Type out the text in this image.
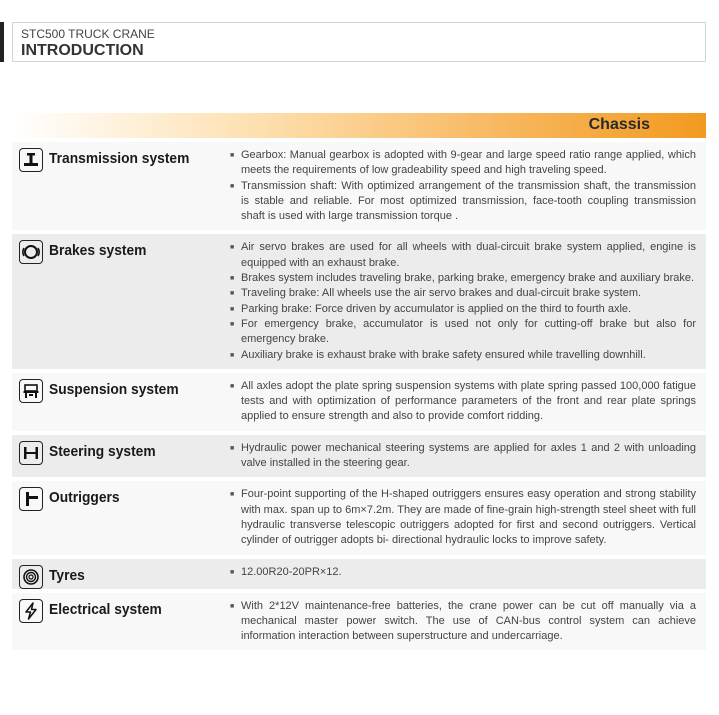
STC500 TRUCK CRANE
INTRODUCTION
Chassis
Transmission system	■ Gearbox: Manual gearbox is adopted with 9-gear and large speed ratio range applied, which meets the requirements of low gradeability speed and high traveling speed.
■ Transmission shaft: With optimized arrangement of the transmission shaft, the transmission is stable and reliable. For most optimized transmission, face-tooth coupling transmission shaft is used with large transmission torque .
Brakes system	■ Air servo brakes are used for all wheels with dual-circuit brake system applied, engine is equipped with an exhaust brake.
■ Brakes system includes traveling brake, parking brake, emergency brake and auxiliary brake.
■ Traveling brake: All wheels use the air servo brakes and dual-circuit brake system.
■ Parking brake: Force driven by accumulator is applied on the third to fourth axle.
■ For emergency brake, accumulator is used not only for cutting-off brake but also for emergency brake.
■ Auxiliary brake is exhaust brake with brake safety ensured while travelling downhill.
Suspension system	■ All axles adopt the plate spring suspension systems with plate spring passed 100,000 fatigue tests and with optimization of performance parameters of the front and rear plate springs applied to ensure strength and also to provide comfort ridding.
Steering system	■ Hydraulic power mechanical steering systems are applied for axles 1 and 2 with unloading valve installed in the steering gear.
Outriggers	■ Four-point supporting of the H-shaped outriggers ensures easy operation and strong stability with max. span up to 6m×7.2m. They are made of fine-grain high-strength steel sheet with full hydraulic transverse telescopic outriggers adopted for first and second outriggers. Vertical cylinder of outrigger adopts bi- directional hydraulic locks to improve safety.
Tyres	■ 12.00R20-20PR×12.
Electrical system	■ With 2*12V maintenance-free batteries, the crane power can be cut off manually via a mechanical master power switch. The use of CAN-bus control system can achieve information interaction between superstructure and undercarriage.
